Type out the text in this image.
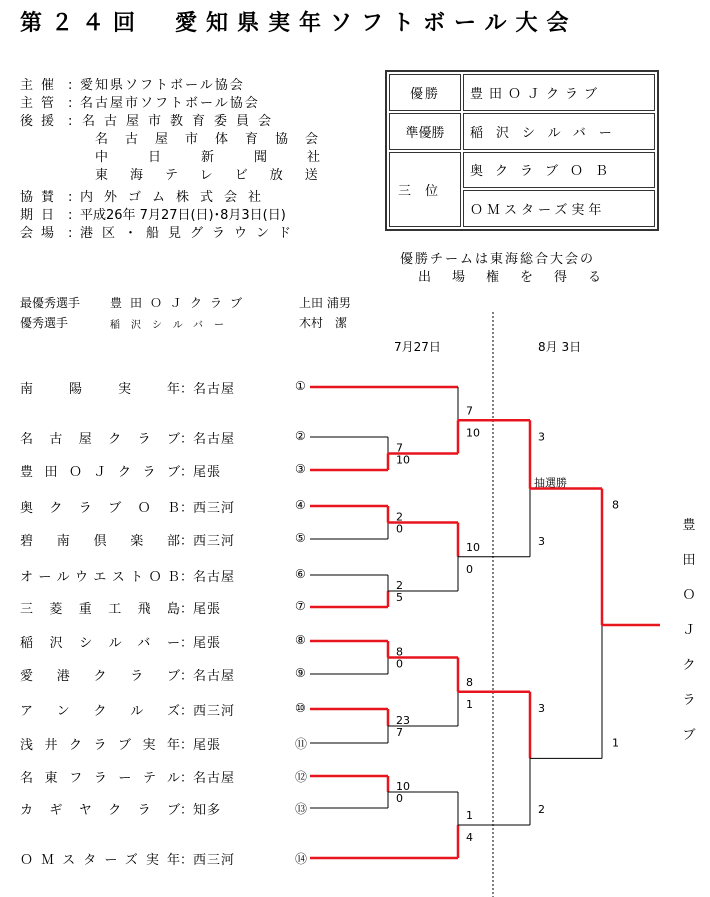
第２４回　愛知県実年ソフトボール大会
主催 : 愛知県ソフトボール協会
主管 : 名古屋市ソフトボール協会
後援 : 名古屋市教育委員会
名古屋市体育協会
中日新聞社
東海テレビ放送
協賛 : 内外ゴム株式会社
期日 : 平成26年 7月27日(日)･8月3日(日)
会場 : 港区・船見グラウンド
優勝	豊田ＯＪクラブ
準優勝	稲沢シルバー
三位	奥クラブＯＢ
	ＯＭスターズ実年
優勝チームは東海総合大会の
出場権を得る
最優秀選手 豊田ＯＪクラブ	上田 浦男
優秀選手	稲沢シルバー	木村　潔
7月27日	8月 3日
南陽実年：名古屋	①
名古屋クラブ：名古屋	②
豊田ＯＪクラブ：尾張	③
奥クラブＯＢ：西三河	④
碧南倶楽部：西三河	⑤
オールウエストＯＢ：名古屋	⑥
三菱重工飛島：尾張	⑦
稲沢シルバー：尾張	⑧
愛港クラブ：名古屋	⑨
アンクルズ：西三河	⑩
浅井クラブ実年：尾張	⑪
名東フラーテル：名古屋	⑫
カギヤクラブ：知多	⑬
ＯＭスターズ実年：西三河	⑭
7
10
2
0
2
5
8
0
23
7
10
0
7
10
10
0
8
1
1
4
3
3
抽選勝
3
2
8
1
豊
田
Ｏ
Ｊ
ク
ラ
ブ
